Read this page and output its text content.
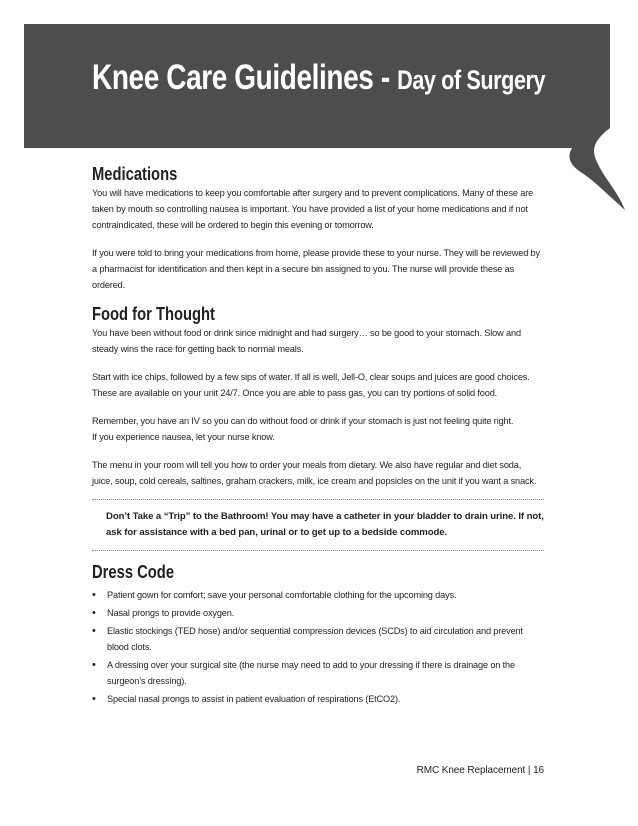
Knee Care Guidelines - Day of Surgery
Medications

You will have medications to keep you comfortable after surgery and to prevent complications. Many of these are taken by mouth so controlling nausea is important. You have provided a list of your home medications and if not contraindicated, these will be ordered to begin this evening or tomorrow.

If you were told to bring your medications from home, please provide these to your nurse. They will be reviewed by a pharmacist for identification and then kept in a secure bin assigned to you. The nurse will provide these as ordered.

Food for Thought

You have been without food or drink since midnight and had surgery… so be good to your stomach. Slow and steady wins the race for getting back to normal meals.

Start with ice chips, followed by a few sips of water. If all is well, Jell-O, clear soups and juices are good choices. These are available on your unit 24/7. Once you are able to pass gas, you can try portions of solid food.

Remember, you have an IV so you can do without food or drink if your stomach is just not feeling quite right.

If you experience nausea, let your nurse know.

The menu in your room will tell you how to order your meals from dietary. We also have regular and diet soda, juice, soup, cold cereals, saltines, graham crackers, milk, ice cream and popsicles on the unit if you want a snack.

Don’t Take a “Trip” to the Bathroom! You may have a catheter in your bladder to drain urine. If not, ask for assistance with a bed pan, urinal or to get up to a bedside commode.

Dress Code
• Patient gown for comfort; save your personal comfortable clothing for the upcoming days.
• Nasal prongs to provide oxygen.
• Elastic stockings (TED hose) and/or sequential compression devices (SCDs) to aid circulation and prevent blood clots.
• A dressing over your surgical site (the nurse may need to add to your dressing if there is drainage on the surgeon’s dressing).
• Special nasal prongs to assist in patient evaluation of respirations (EtCO2).
RMC Knee Replacement | 16
